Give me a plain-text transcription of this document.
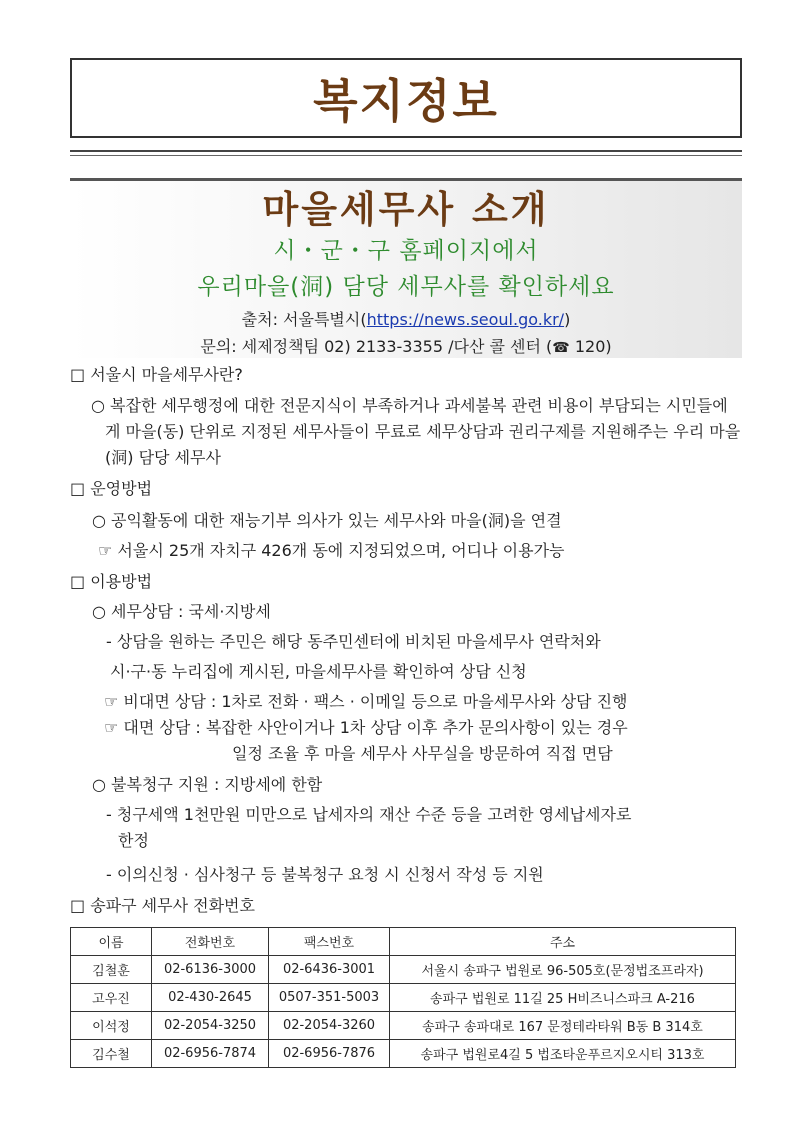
복지정보
마을세무사 소개
시・군・구 홈페이지에서
우리마을(洞) 담당 세무사를 확인하세요
출처: 서울특별시(https://news.seoul.go.kr/)
문의: 세제정책팀 02) 2133-3355 /다산 콜 센터 (☎ 120)

□ 서울시 마을세무사란?

○ 복잡한 세무행정에 대한 전문지식이 부족하거나 과세불복 관련 비용이 부담되는 시민들에게 마을(동) 단위로 지정된 세무사들이 무료로 세무상담과 권리구제를 지원해주는 우리 마을(洞) 담당 세무사

□ 운영방법

○ 공익활동에 대한 재능기부 의사가 있는 세무사와 마을(洞)을 연결

☞ 서울시 25개 자치구 426개 동에 지정되었으며, 어디나 이용가능

□ 이용방법

○ 세무상담 : 국세·지방세

- 상담을 원하는 주민은 해당 동주민센터에 비치된 마을세무사 연락처와

시·구·동 누리집에 게시된, 마을세무사를 확인하여 상담 신청

☞ 비대면 상담 : 1차로 전화 · 팩스 · 이메일 등으로 마을세무사와 상담 진행

☞ 대면 상담 : 복잡한 사안이거나 1차 상담 이후 추가 문의사항이 있는 경우

일정 조율 후 마을 세무사 사무실을 방문하여 직접 면담

○ 불복청구 지원 : 지방세에 한함

- 청구세액 1천만원 미만으로 납세자의 재산 수준 등을 고려한 영세납세자로

한정

- 이의신청 · 심사청구 등 불복청구 요청 시 신청서 작성 등 지원

□ 송파구 세무사 전화번호

이름	전화번호	팩스번호	주소
김철훈	02-6136-3000	02-6436-3001	서울시 송파구 법원로 96-505호(문정법조프라자)
고우진	02-430-2645	0507-351-5003	송파구 법원로 11길 25 H비즈니스파크 A-216
이석정	02-2054-3250	02-2054-3260	송파구 송파대로 167 문정테라타워 B동 B 314호
김수철	02-6956-7874	02-6956-7876	송파구 법원로4길 5 법조타운푸르지오시티 313호
